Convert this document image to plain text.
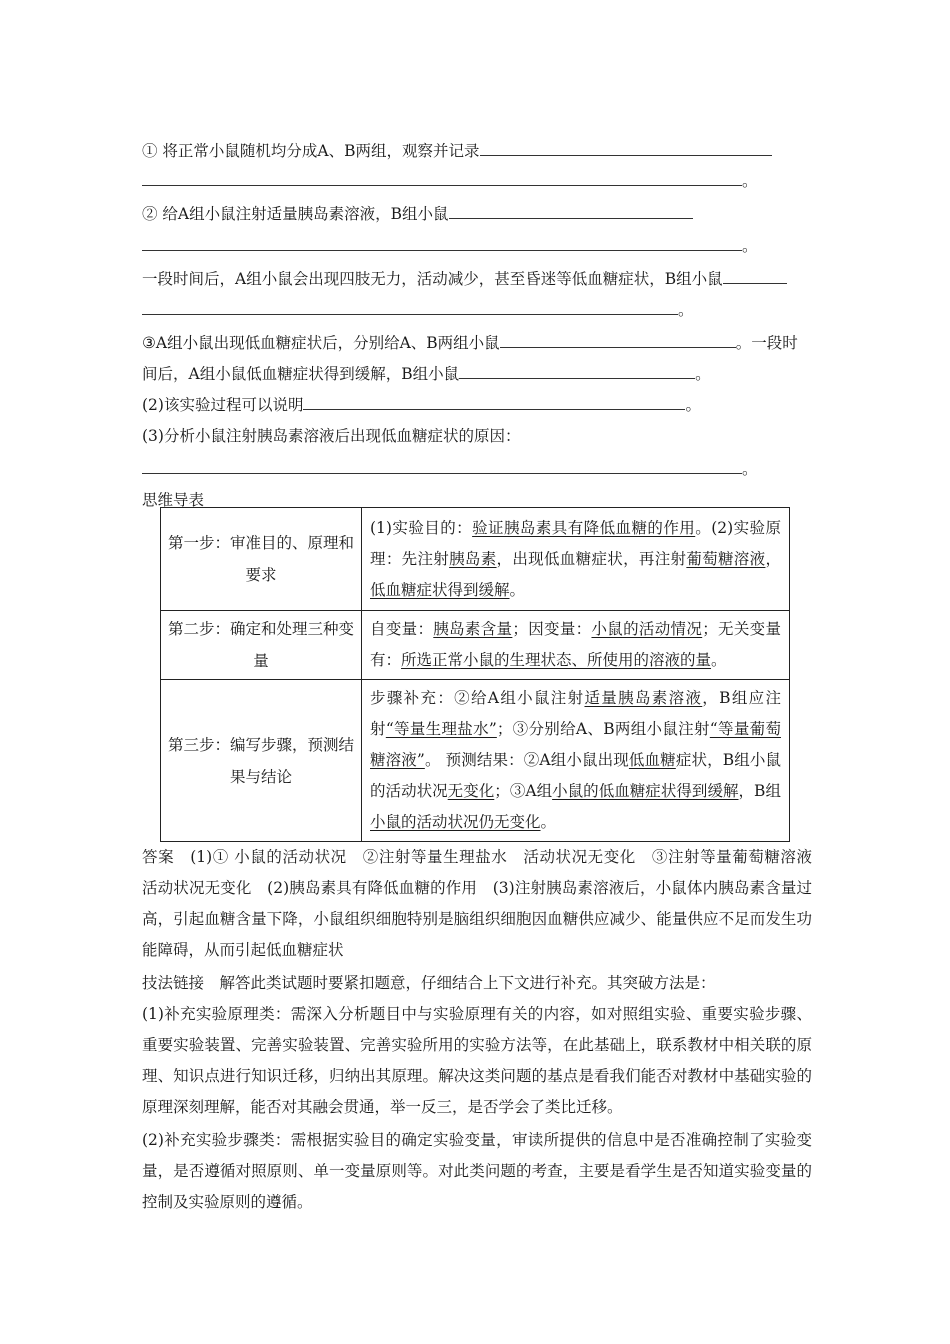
① 将正常小鼠随机均分成A、B两组，观察并记录
。
② 给A组小鼠注射适量胰岛素溶液，B组小鼠
。
一段时间后，A组小鼠会出现四肢无力，活动减少，甚至昏迷等低血糖症状，B组小鼠
。
③A组小鼠出现低血糖症状后，分别给A、B两组小鼠	。一段时
间后，A组小鼠低血糖症状得到缓解，B组小鼠	。
(2)该实验过程可以说明	。
(3)分析小鼠注射胰岛素溶液后出现低血糖症状的原因：
。
思维导表
第一步：审准目的、原理和要求	(1)实验目的：验证胰岛素具有降低血糖的作用。(2)实验原理：先注射胰岛素，出现低血糖症状，再注射葡萄糖溶液，低血糖症状得到缓解。
第二步：确定和处理三种变量	自变量：胰岛素含量；因变量：小鼠的活动情况；无关变量有：所选正常小鼠的生理状态、所使用的溶液的量。
第三步：编写步骤，预测结果与结论	步骤补充：②给A组小鼠注射适量胰岛素溶液，B组应注射“等量生理盐水”；③分别给A、B两组小鼠注射“等量葡萄糖溶液”。 预测结果：②A组小鼠出现低血糖症状，B组小鼠的活动状况无变化；③A组小鼠的低血糖症状得到缓解，B组小鼠的活动状况仍无变化。
答案　(1)① 小鼠的活动状况　②注射等量生理盐水　活动状况无变化　③注射等量葡萄糖溶液　活动状况无变化　(2)胰岛素具有降低血糖的作用　(3)注射胰岛素溶液后，小鼠体内胰岛素含量过高，引起血糖含量下降，小鼠组织细胞特别是脑组织细胞因血糖供应减少、能量供应不足而发生功能障碍，从而引起低血糖症状
技法链接　解答此类试题时要紧扣题意，仔细结合上下文进行补充。其突破方法是：
(1)补充实验原理类：需深入分析题目中与实验原理有关的内容，如对照组实验、重要实验步骤、重要实验装置、完善实验装置、完善实验所用的实验方法等，在此基础上，联系教材中相关联的原理、知识点进行知识迁移，归纳出其原理。解决这类问题的基点是看我们能否对教材中基础实验的原理深刻理解，能否对其融会贯通，举一反三，是否学会了类比迁移。
(2)补充实验步骤类：需根据实验目的确定实验变量，审读所提供的信息中是否准确控制了实验变量，是否遵循对照原则、单一变量原则等。对此类问题的考查，主要是看学生是否知道实验变量的控制及实验原则的遵循。
